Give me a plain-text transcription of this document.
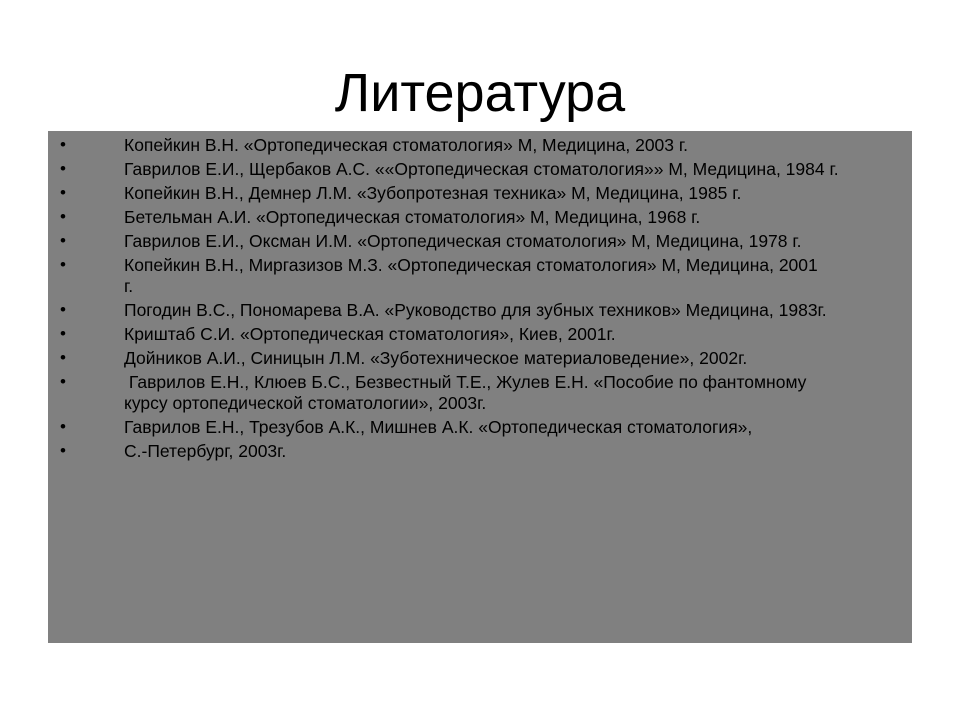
Литература
•	Копейкин В.Н. «Ортопедическая стоматология» М, Медицина, 2003 г.
•	Гаврилов Е.И., Щербаков А.С. ««Ортопедическая стоматология»» М, Медицина, 1984 г.
•	Копейкин В.Н., Демнер Л.М. «Зубопротезная техника» М, Медицина, 1985 г.
•	Бетельман А.И. «Ортопедическая стоматология» М, Медицина, 1968 г.
•	Гаврилов Е.И., Оксман И.М. «Ортопедическая стоматология» М, Медицина, 1978 г.
•	Копейкин В.Н., Миргазизов М.З. «Ортопедическая стоматология» М, Медицина, 2001 г.
•	Погодин В.С., Пономарева В.А. «Руководство для зубных техников» Медицина, 1983г.
•	Криштаб С.И. «Ортопедическая стоматология», Киев, 2001г.
•	Дойников А.И., Синицын Л.М. «Зуботехническое материаловедение», 2002г.
•	Гаврилов Е.Н., Клюев Б.С., Безвестный Т.Е., Жулев Е.Н. «Пособие по фантомному курсу ортопедической стоматологии», 2003г.
•	Гаврилов Е.Н., Трезубов А.К., Мишнев А.К. «Ортопедическая стоматология»,
•	С.-Петербург, 2003г.
